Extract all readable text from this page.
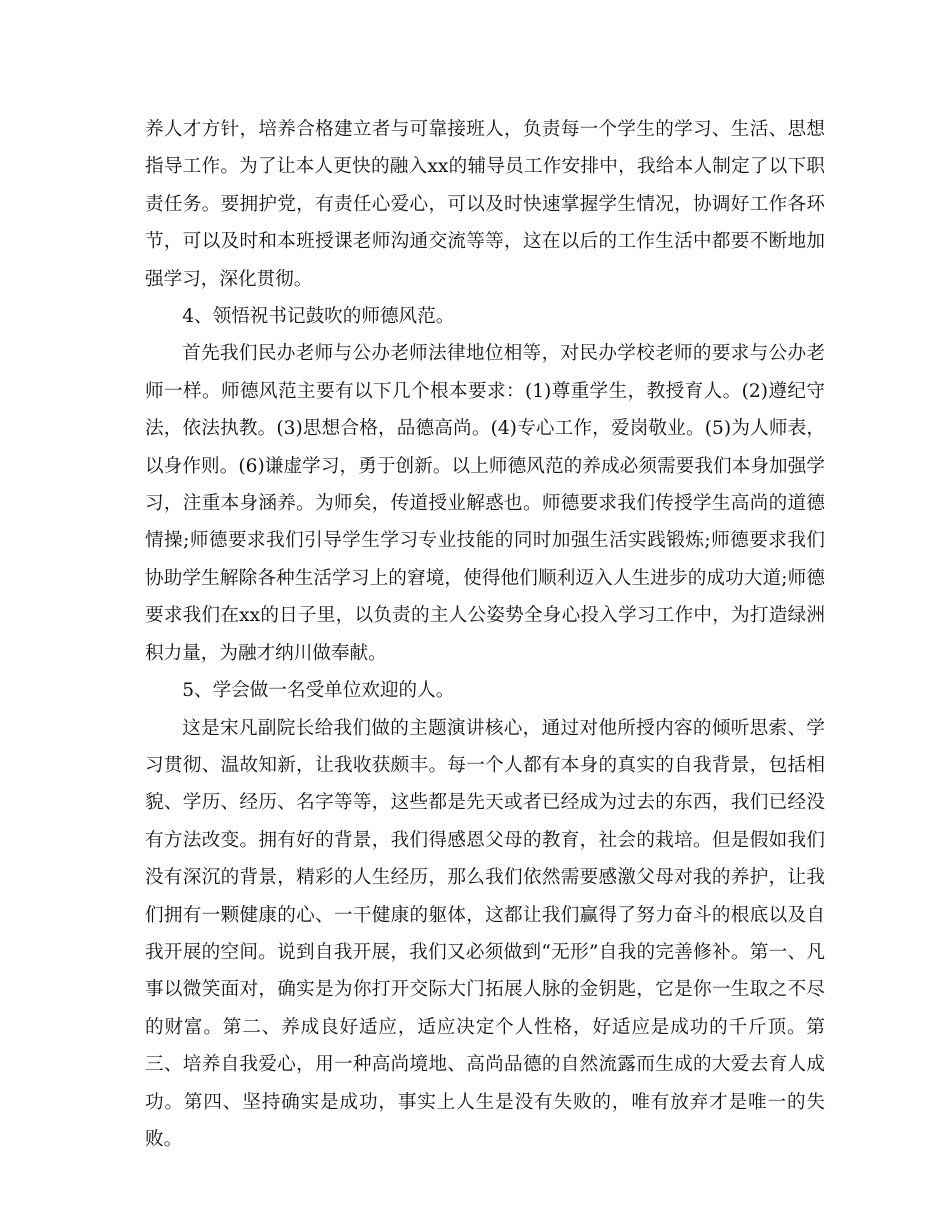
养人才方针，培养合格建立者与可靠接班人，负责每一个学生的学习、生活、思想指导工作。为了让本人更快的融入xx的辅导员工作安排中，我给本人制定了以下职责任务。要拥护党，有责任心爱心，可以及时快速掌握学生情况，协调好工作各环节，可以及时和本班授课老师沟通交流等等，这在以后的工作生活中都要不断地加强学习，深化贯彻。

4、领悟祝书记鼓吹的师德风范。

首先我们民办老师与公办老师法律地位相等，对民办学校老师的要求与公办老师一样。师德风范主要有以下几个根本要求：(1)尊重学生，教授育人。(2)遵纪守法，依法执教。(3)思想合格，品德高尚。(4)专心工作，爱岗敬业。(5)为人师表，以身作则。(6)谦虚学习，勇于创新。以上师德风范的养成必须需要我们本身加强学习，注重本身涵养。为师矣，传道授业解惑也。师德要求我们传授学生高尚的道德情操;师德要求我们引导学生学习专业技能的同时加强生活实践锻炼;师德要求我们协助学生解除各种生活学习上的窘境，使得他们顺利迈入人生进步的成功大道;师德要求我们在xx的日子里，以负责的主人公姿势全身心投入学习工作中，为打造绿洲积力量，为融才纳川做奉献。

5、学会做一名受单位欢迎的人。

这是宋凡副院长给我们做的主题演讲核心，通过对他所授内容的倾听思索、学习贯彻、温故知新，让我收获颇丰。每一个人都有本身的真实的自我背景，包括相貌、学历、经历、名字等等，这些都是先天或者已经成为过去的东西，我们已经没有方法改变。拥有好的背景，我们得感恩父母的教育，社会的栽培。但是假如我们没有深沉的背景，精彩的人生经历，那么我们依然需要感激父母对我的养护，让我们拥有一颗健康的心、一干健康的躯体，这都让我们赢得了努力奋斗的根底以及自我开展的空间。说到自我开展，我们又必须做到“无形”自我的完善修补。第一、凡事以微笑面对，确实是为你打开交际大门拓展人脉的金钥匙，它是你一生取之不尽的财富。第二、养成良好适应，适应决定个人性格，好适应是成功的千斤顶。第三、培养自我爱心，用一种高尚境地、高尚品德的自然流露而生成的大爱去育人成功。第四、坚持确实是成功，事实上人生是没有失败的，唯有放弃才是唯一的失败。
